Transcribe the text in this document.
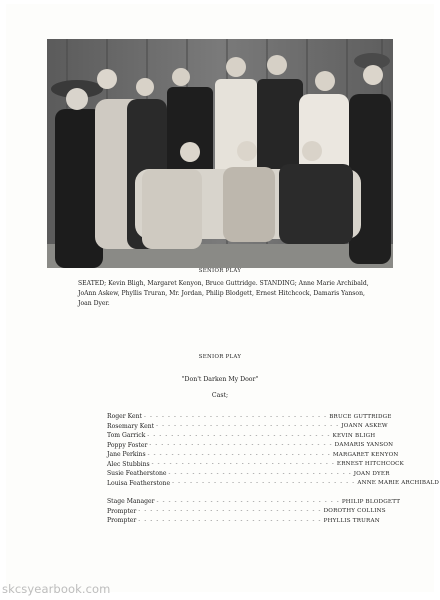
SENIOR PLAY
SEATED; Kevin Bligh, Margaret Kenyon, Bruce Guttridge. STANDING; Anne Marie Archibald, JoAnn Askew, Phyllis Truran, Mr. Jordan, Philip Blodgett, Ernest Hitchcock, Damaris Yanson, Joan Dyer.
SENIOR PLAY
"Don't Darken My Door"
Cast;
Roger Kent - - - - - - - - - - - - - - - - - - - - - - - - - - - - - - - BRUCE GUTTRIDGE
Rosemary Kent - - - - - - - - - - - - - - - - - - - - - - - - - - - - - - - JOANN ASKEW
Tom Garrick - - - - - - - - - - - - - - - - - - - - - - - - - - - - - - - KEVIN BLIGH
Poppy Foster - - - - - - - - - - - - - - - - - - - - - - - - - - - - - - - DAMARIS YANSON
Jane Perkins - - - - - - - - - - - - - - - - - - - - - - - - - - - - - - - MARGARET KENYON
Alec Stubbins - - - - - - - - - - - - - - - - - - - - - - - - - - - - - - - ERNEST HITCHCOCK
Susie Featherstone - - - - - - - - - - - - - - - - - - - - - - - - - - - - - - - JOAN DYER
Louisa Featherstone - - - - - - - - - - - - - - - - - - - - - - - - - - - - - - - ANNE MARIE ARCHIBALD
Stage Manager - - - - - - - - - - - - - - - - - - - - - - - - - - - - - - - PHILIP BLODGETT
Prompter - - - - - - - - - - - - - - - - - - - - - - - - - - - - - - - DOROTHY COLLINS
Prompter - - - - - - - - - - - - - - - - - - - - - - - - - - - - - - - PHYLLIS TRURAN
skcsyearbook.com
